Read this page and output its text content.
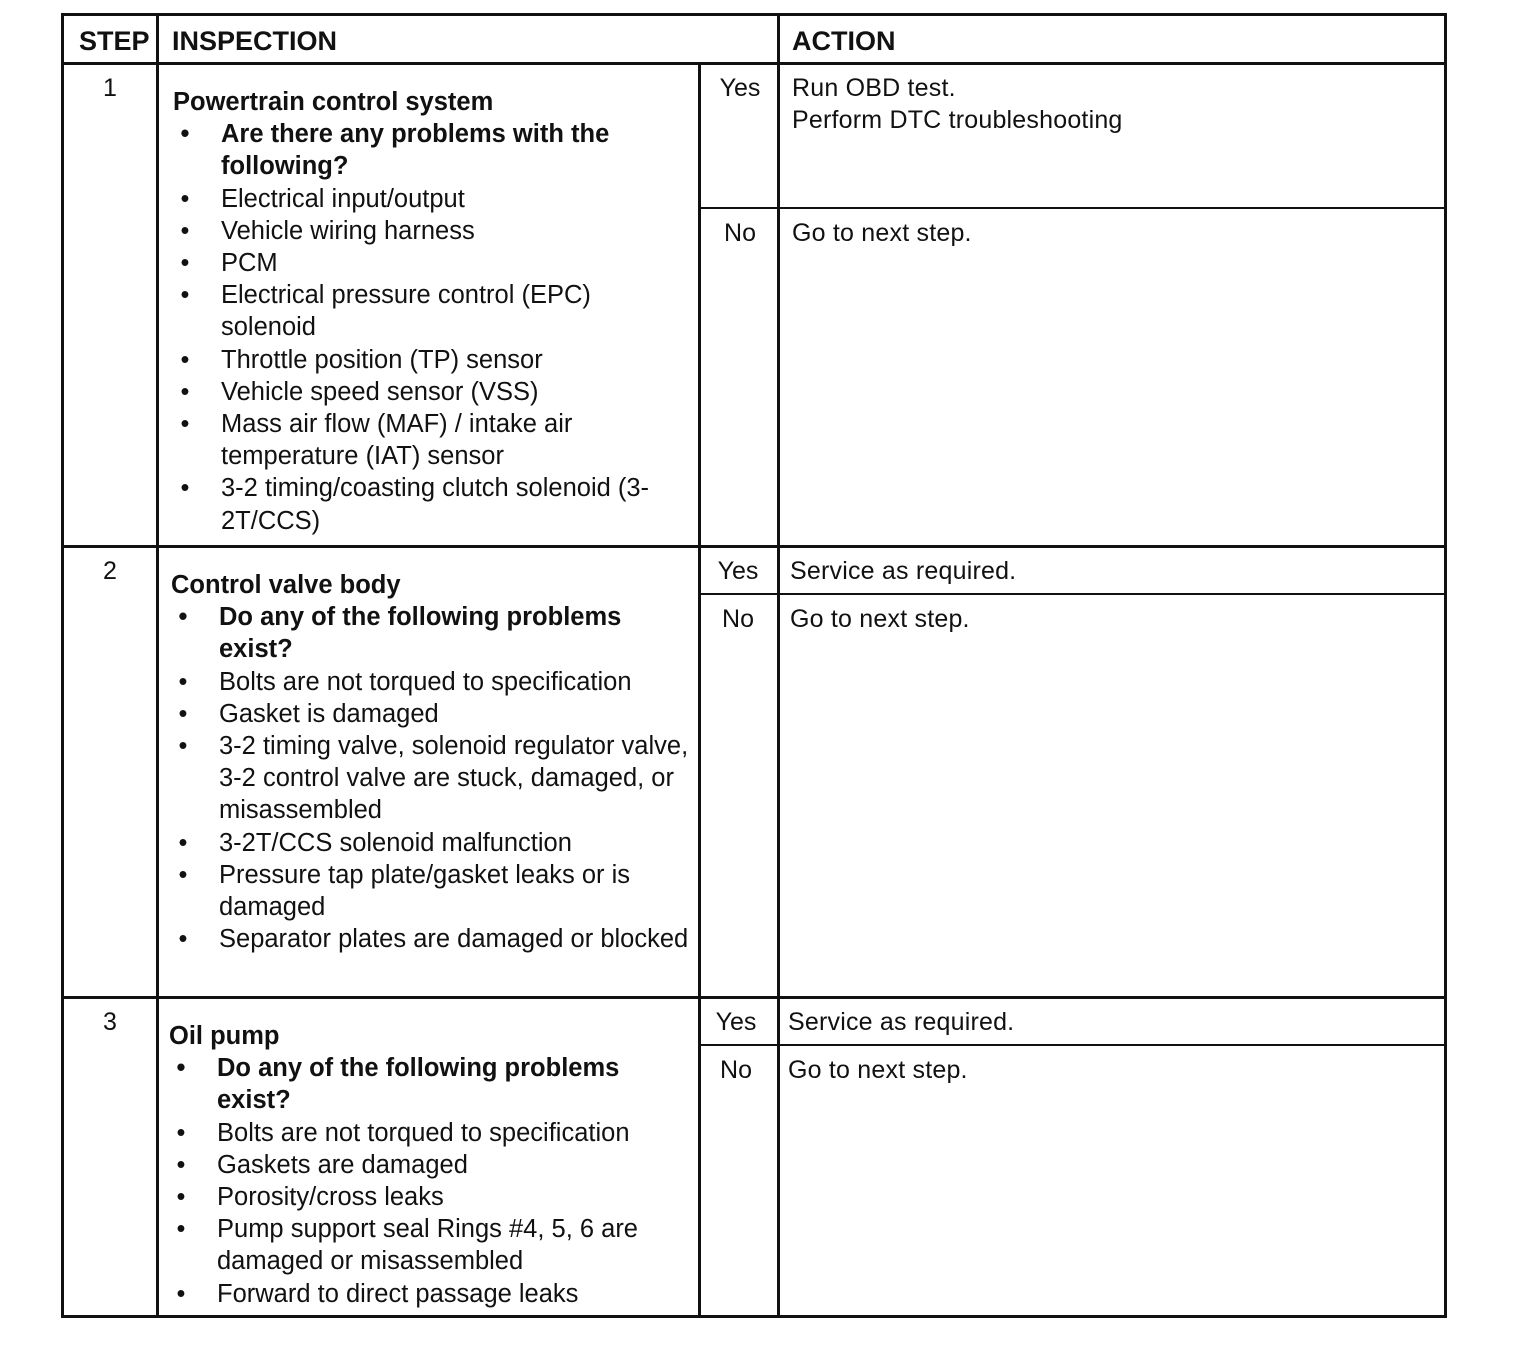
STEP INSPECTION	ACTION
1	Powertrain control system

• Are there any problems with the following?
• Electrical input/output
• Vehicle wiring harness
• PCM
• Electrical pressure control (EPC) solenoid
• Throttle position (TP) sensor
• Vehicle speed sensor (VSS)
• Mass air flow (MAF) / intake air temperature (IAT) sensor
• 3-2 timing/coasting clutch solenoid (3-2T/CCS)
Yes	Run OBD test.
Perform DTC troubleshooting
No	Go to next step.
2	Control valve body

• Do any of the following problems exist?
• Bolts are not torqued to specification
• Gasket is damaged
• 3-2 timing valve, solenoid regulator valve, 3-2 control valve are stuck, damaged, or misassembled
• 3-2T/CCS solenoid malfunction
• Pressure tap plate/gasket leaks or is damaged
• Separator plates are damaged or blocked
Yes	Service as required.
No	Go to next step.
3	Oil pump

• Do any of the following problems exist?
• Bolts are not torqued to specification
• Gaskets are damaged
• Porosity/cross leaks
• Pump support seal Rings #4, 5, 6 are damaged or misassembled
• Forward to direct passage leaks
Yes	Service as required.
No	Go to next step.
